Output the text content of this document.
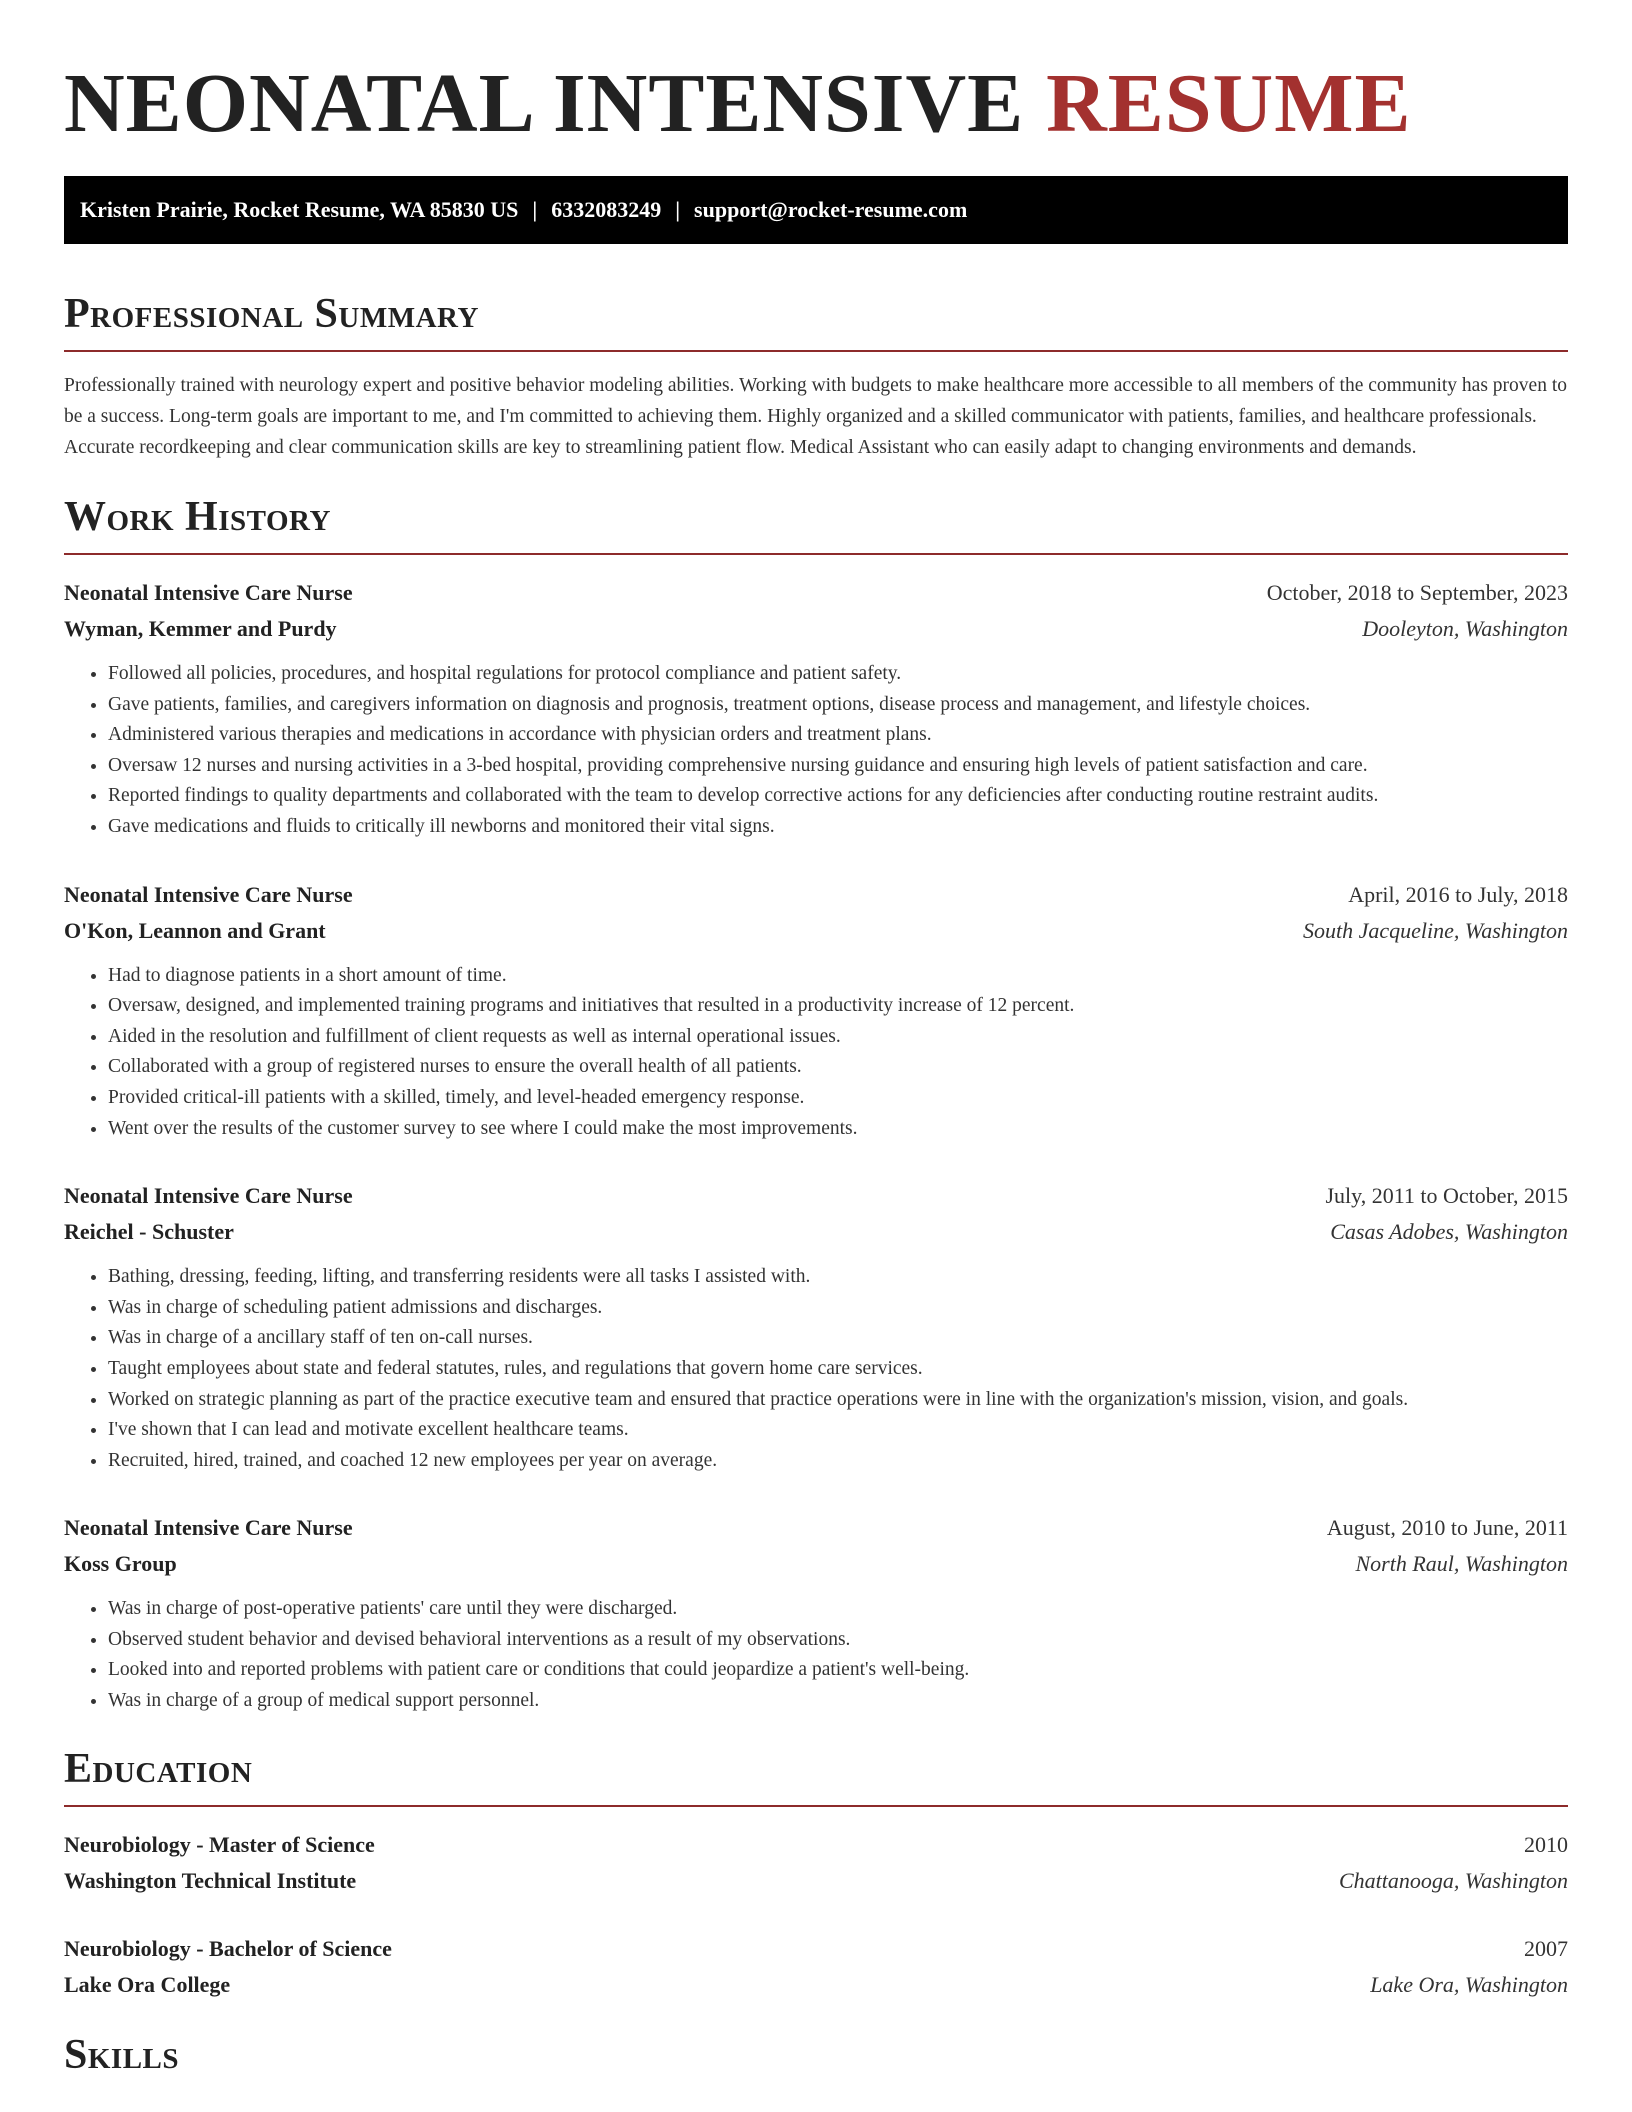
NEONATAL INTENSIVE RESUME
Kristen Prairie, Rocket Resume, WA 85830 US | 6332083249 | support@rocket-resume.com
Professional Summary

Professionally trained with neurology expert and positive behavior modeling abilities. Working with budgets to make healthcare more accessible to all members of the community has proven to be a success. Long-term goals are important to me, and I'm committed to achieving them. Highly organized and a skilled communicator with patients, families, and healthcare professionals. Accurate recordkeeping and clear communication skills are key to streamlining patient flow. Medical Assistant who can easily adapt to changing environments and demands.

Work History
Neonatal Intensive Care Nurse	October, 2018 to September, 2023
Wyman, Kemmer and Purdy	Dooleyton, Washington
• Followed all policies, procedures, and hospital regulations for protocol compliance and patient safety.
• Gave patients, families, and caregivers information on diagnosis and prognosis, treatment options, disease process and management, and lifestyle choices.
• Administered various therapies and medications in accordance with physician orders and treatment plans.
• Oversaw 12 nurses and nursing activities in a 3-bed hospital, providing comprehensive nursing guidance and ensuring high levels of patient satisfaction and care.
• Reported findings to quality departments and collaborated with the team to develop corrective actions for any deficiencies after conducting routine restraint audits.
• Gave medications and fluids to critically ill newborns and monitored their vital signs.
Neonatal Intensive Care Nurse	April, 2016 to July, 2018
O'Kon, Leannon and Grant	South Jacqueline, Washington
• Had to diagnose patients in a short amount of time.
• Oversaw, designed, and implemented training programs and initiatives that resulted in a productivity increase of 12 percent.
• Aided in the resolution and fulfillment of client requests as well as internal operational issues.
• Collaborated with a group of registered nurses to ensure the overall health of all patients.
• Provided critical-ill patients with a skilled, timely, and level-headed emergency response.
• Went over the results of the customer survey to see where I could make the most improvements.
Neonatal Intensive Care Nurse	July, 2011 to October, 2015
Reichel - Schuster	Casas Adobes, Washington
• Bathing, dressing, feeding, lifting, and transferring residents were all tasks I assisted with.
• Was in charge of scheduling patient admissions and discharges.
• Was in charge of a ancillary staff of ten on-call nurses.
• Taught employees about state and federal statutes, rules, and regulations that govern home care services.
• Worked on strategic planning as part of the practice executive team and ensured that practice operations were in line with the organization's mission, vision, and goals.
• I've shown that I can lead and motivate excellent healthcare teams.
• Recruited, hired, trained, and coached 12 new employees per year on average.
Neonatal Intensive Care Nurse	August, 2010 to June, 2011
Koss Group	North Raul, Washington
• Was in charge of post-operative patients' care until they were discharged.
• Observed student behavior and devised behavioral interventions as a result of my observations.
• Looked into and reported problems with patient care or conditions that could jeopardize a patient's well-being.
• Was in charge of a group of medical support personnel.
Education
Neurobiology - Master of Science	2010
Washington Technical Institute	Chattanooga, Washington
Neurobiology - Bachelor of Science	2007
Lake Ora College	Lake Ora, Washington
Skills
